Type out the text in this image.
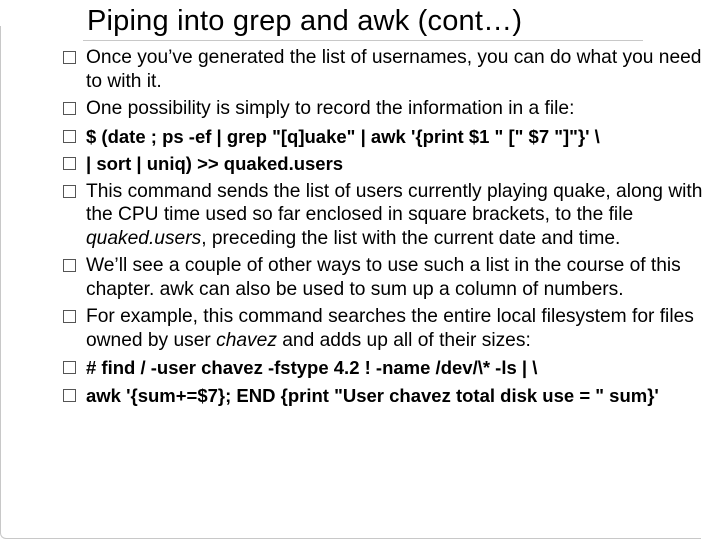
Piping into grep and awk (cont…)
Once you’ve generated the list of usernames, you can do what you need to with it.
One possibility is simply to record the information in a file:
$ (date ; ps -ef | grep "[q]uake" | awk '{print $1 " [" $7 "]"}' \
| sort | uniq) >> quaked.users
This command sends the list of users currently playing quake, along with the CPU time used so far enclosed in square brackets, to the file quaked.users, preceding the list with the current date and time.
We’ll see a couple of other ways to use such a list in the course of this chapter. awk can also be used to sum up a column of numbers.
For example, this command searches the entire local filesystem for files owned by user chavez and adds up all of their sizes:
# find / -user chavez -fstype 4.2 ! -name /dev/\* -ls | \
awk '{sum+=$7}; END {print "User chavez total disk use = " sum}'
